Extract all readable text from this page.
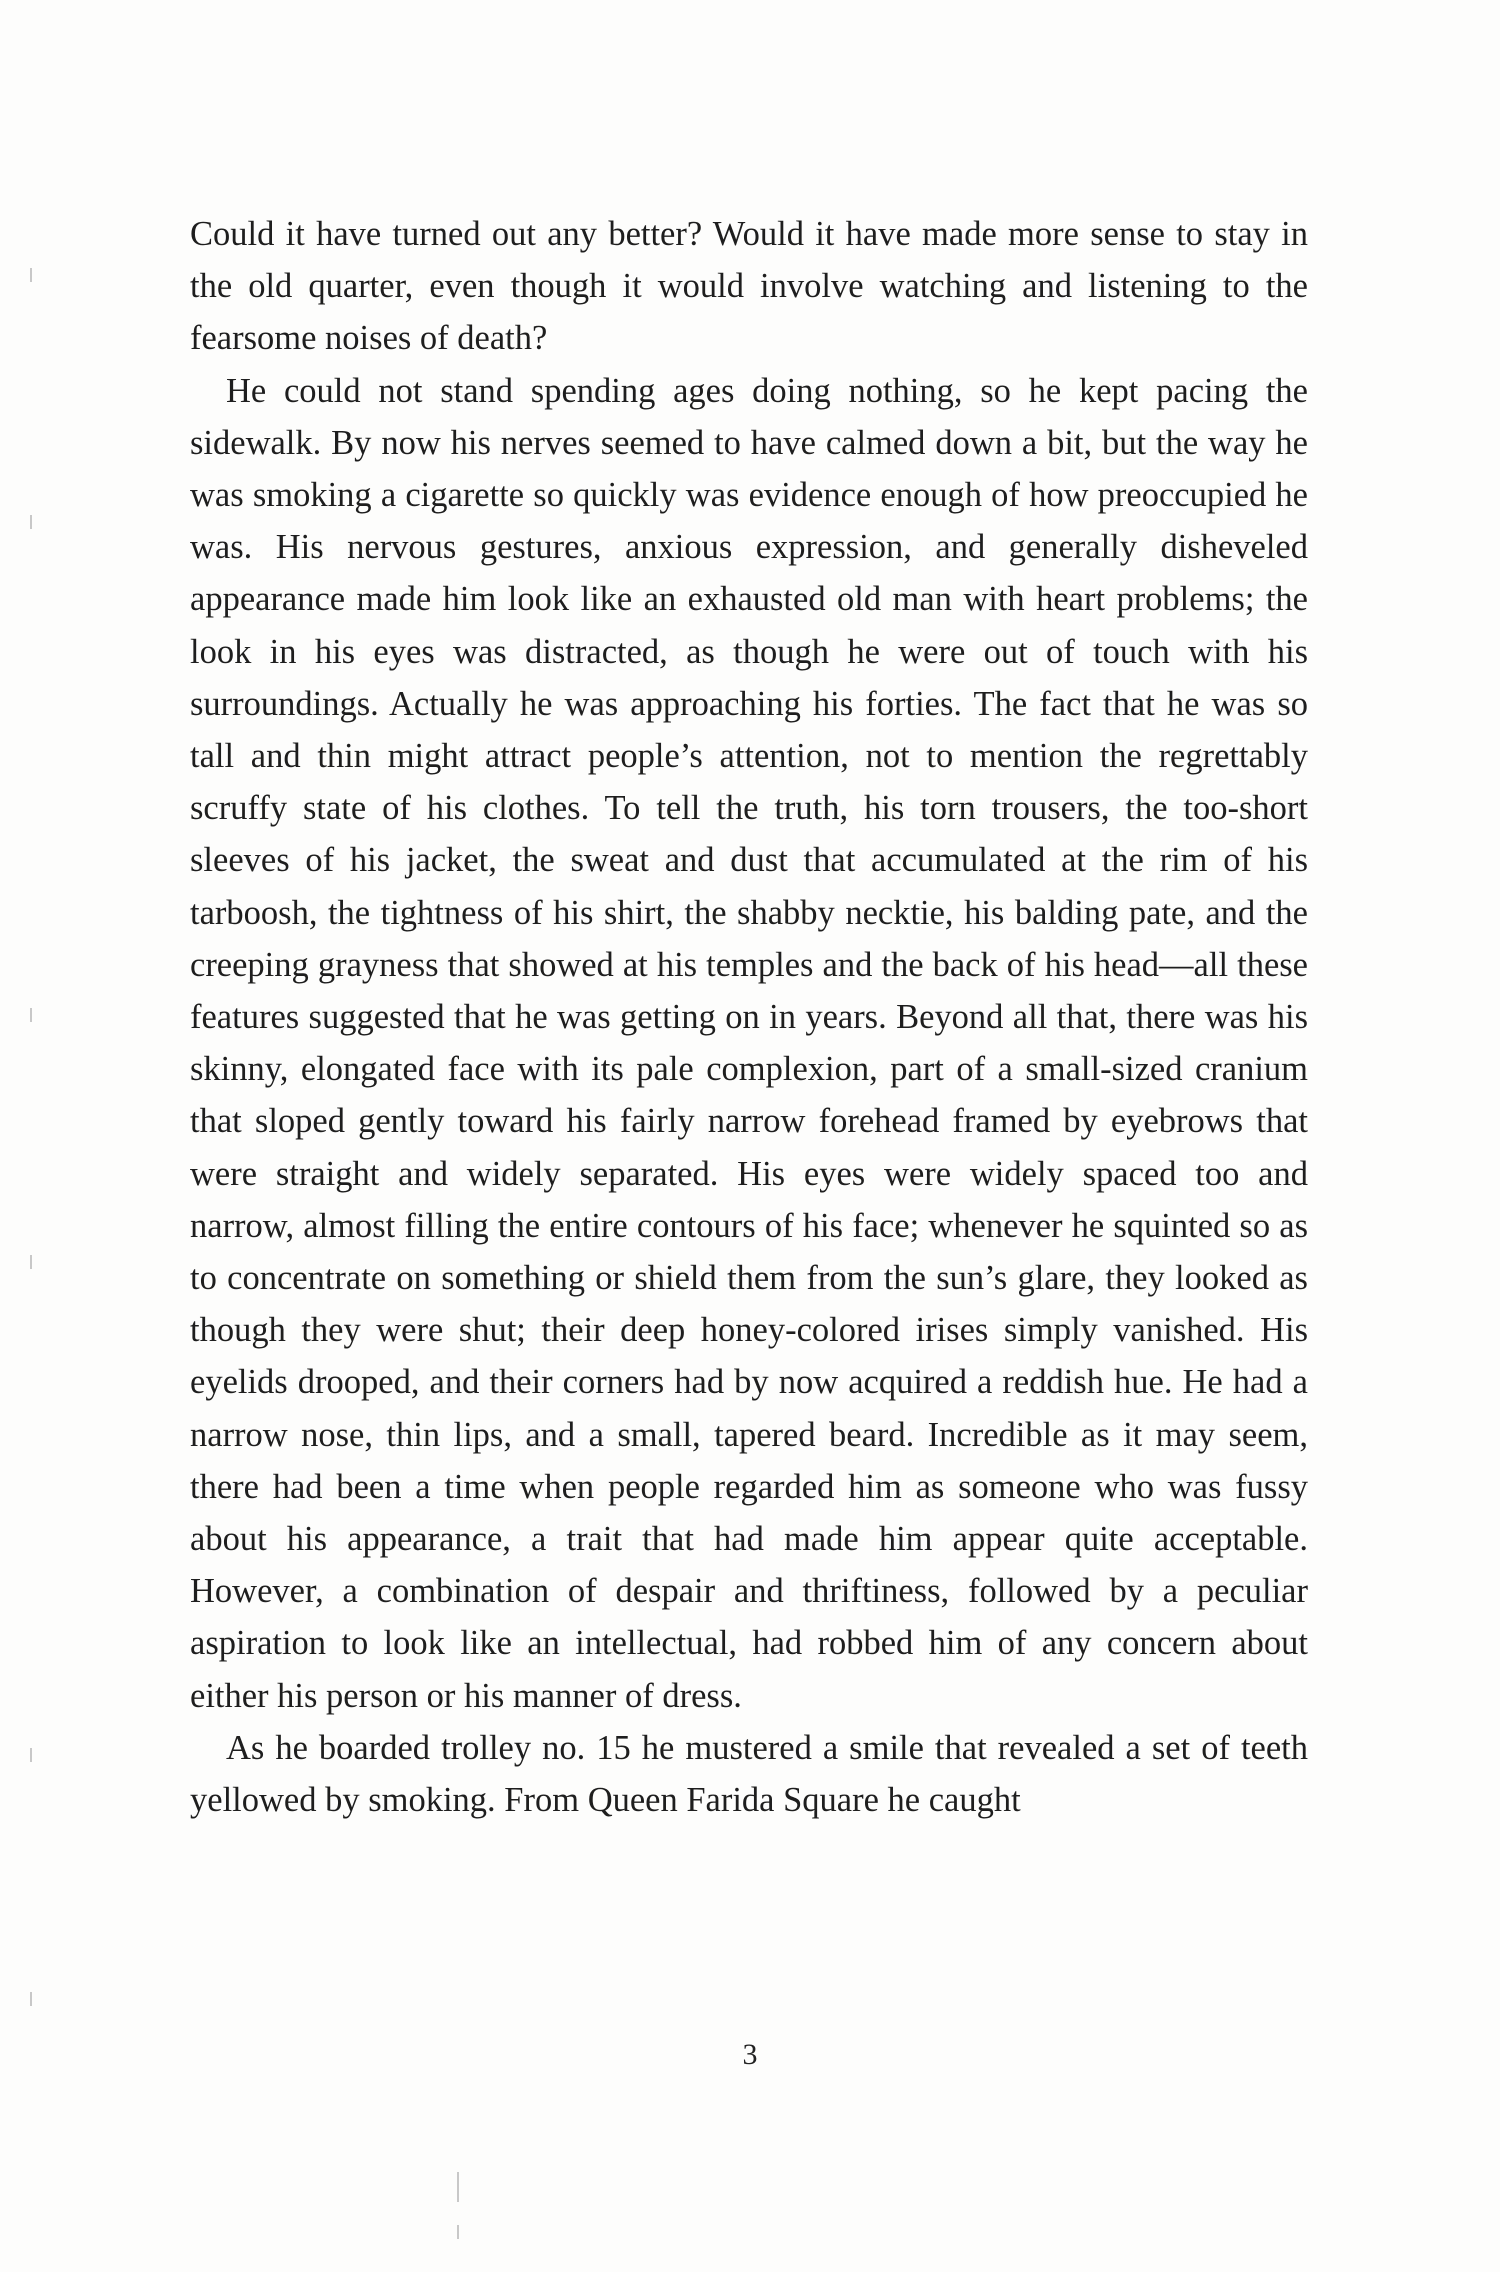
Could it have turned out any better? Would it have made more sense to stay in the old quarter, even though it would involve watching and listening to the fearsome noises of death?

He could not stand spending ages doing nothing, so he kept pacing the sidewalk. By now his nerves seemed to have calmed down a bit, but the way he was smoking a cigarette so quickly was evidence enough of how preoccupied he was. His nervous gestures, anxious expression, and generally disheveled appearance made him look like an exhausted old man with heart problems; the look in his eyes was distracted, as though he were out of touch with his surroundings. Actually he was approaching his forties. The fact that he was so tall and thin might attract people’s attention, not to mention the regrettably scruffy state of his clothes. To tell the truth, his torn trousers, the too-short sleeves of his jacket, the sweat and dust that accumulated at the rim of his tarboosh, the tightness of his shirt, the shabby necktie, his balding pate, and the creeping grayness that showed at his temples and the back of his head—all these features suggested that he was getting on in years. Beyond all that, there was his skinny, elongated face with its pale complexion, part of a small-sized cranium that sloped gently toward his fairly narrow forehead framed by eyebrows that were straight and widely separated. His eyes were widely spaced too and narrow, almost filling the entire contours of his face; whenever he squinted so as to concentrate on something or shield them from the sun’s glare, they looked as though they were shut; their deep honey-colored irises simply vanished. His eyelids drooped, and their corners had by now acquired a reddish hue. He had a narrow nose, thin lips, and a small, tapered beard. Incredible as it may seem, there had been a time when people regarded him as someone who was fussy about his appearance, a trait that had made him appear quite acceptable. However, a combination of despair and thriftiness, followed by a peculiar aspiration to look like an intellectual, had robbed him of any concern about either his person or his manner of dress.

As he boarded trolley no. 15 he mustered a smile that revealed a set of teeth yellowed by smoking. From Queen Farida Square he caught

3
